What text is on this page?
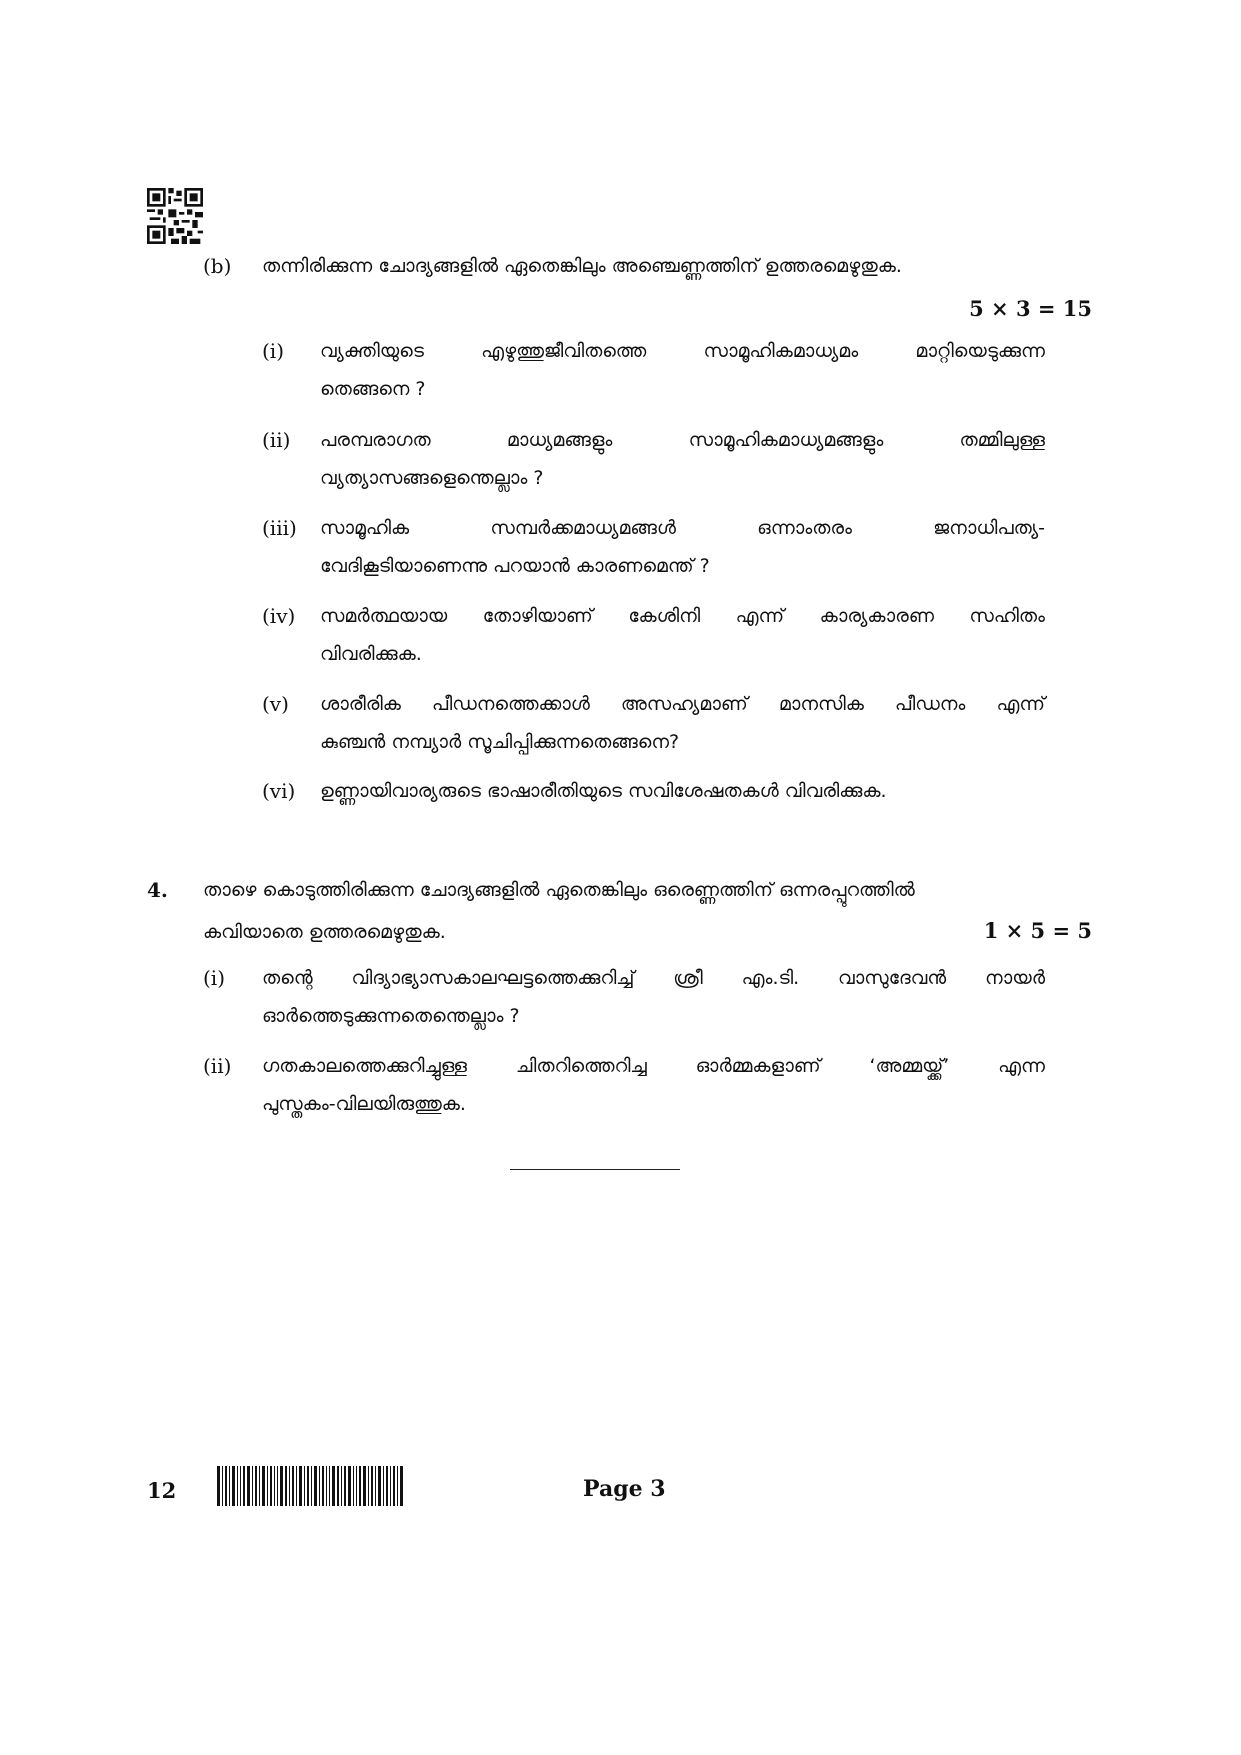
(b) തന്നിരിക്കുന്ന ചോദ്യങ്ങളിൽ ഏതെങ്കിലും അഞ്ചെണ്ണത്തിന് ഉത്തരമെഴുതുക.
5 × 3 = 15
(i) വ്യക്തിയുടെ എഴുത്തുജീവിതത്തെ സാമൂഹികമാധ്യമം മാറ്റിയെടുക്കുന്ന
തെങ്ങനെ ?
(ii) പരമ്പരാഗത മാധ്യമങ്ങളും സാമൂഹികമാധ്യമങ്ങളും തമ്മിലുള്ള
വ്യത്യാസങ്ങളെന്തെല്ലാം ?
(iii) സാമൂഹിക സമ്പർക്കമാധ്യമങ്ങൾ ഒന്നാംതരം ജനാധിപത്യ-
വേദികൂടിയാണെന്നു പറയാൻ കാരണമെന്ത് ?
(iv) സമർത്ഥയായ തോഴിയാണ് കേശിനി എന്ന് കാര്യകാരണ സഹിതം
വിവരിക്കുക.
(v) ശാരീരിക പീഡനത്തെക്കാൾ അസഹ്യമാണ് മാനസിക പീഡനം എന്ന്
കുഞ്ചൻ നമ്പ്യാർ സൂചിപ്പിക്കുന്നതെങ്ങനെ?
(vi) ഉണ്ണായിവാര്യരുടെ ഭാഷാരീതിയുടെ സവിശേഷതകൾ വിവരിക്കുക.
4. താഴെ കൊടുത്തിരിക്കുന്ന ചോദ്യങ്ങളിൽ ഏതെങ്കിലും ഒരെണ്ണത്തിന് ഒന്നരപ്പുറത്തിൽ
കവിയാതെ ഉത്തരമെഴുതുക.	1 × 5 = 5
(i) തന്റെ വിദ്യാഭ്യാസകാലഘട്ടത്തെക്കുറിച്ച് ശ്രീ എം.ടി. വാസുദേവൻ നായർ
ഓർത്തെടുക്കുന്നതെന്തെല്ലാം ?
(ii) ഗതകാലത്തെക്കുറിച്ചുള്ള ചിതറിത്തെറിച്ച ഓർമ്മകളാണ് ‘അമ്മയ്ക്ക്’ എന്ന
പുസ്തകം-വിലയിരുത്തുക.
12	Page 3
